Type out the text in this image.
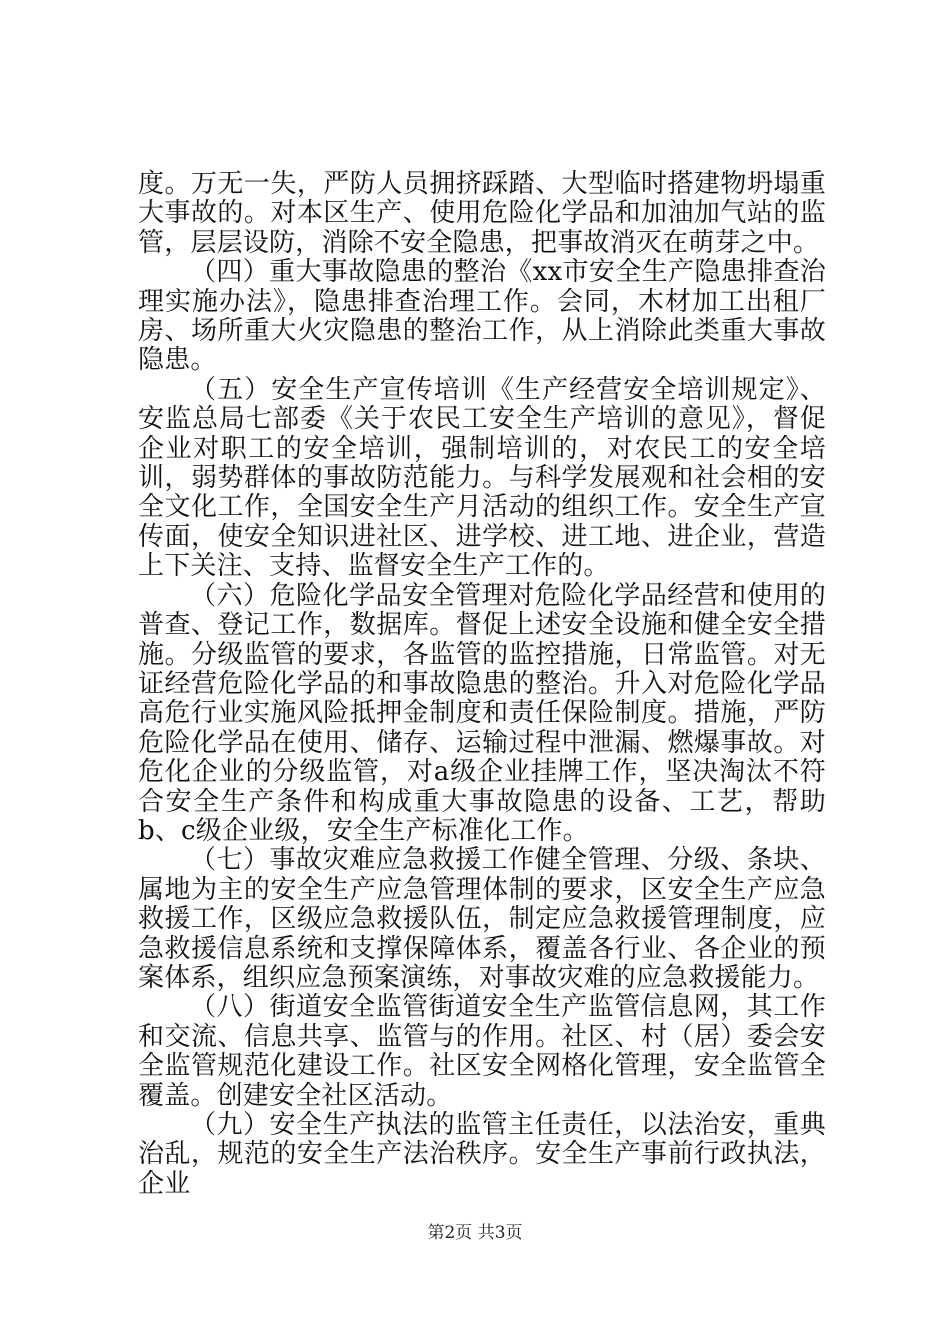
度。万无一失，严防人员拥挤踩踏、大型临时搭建物坍塌重大事故的。对本区生产、使用危险化学品和加油加气站的监管，层层设防，消除不安全隐患，把事故消灭在萌芽之中。

（四）重大事故隐患的整治《xx市安全生产隐患排查治理实施办法》，隐患排查治理工作。会同，木材加工出租厂房、场所重大火灾隐患的整治工作，从上消除此类重大事故隐患。

（五）安全生产宣传培训《生产经营安全培训规定》、安监总局七部委《关于农民工安全生产培训的意见》，督促企业对职工的安全培训，强制培训的，对农民工的安全培训，弱势群体的事故防范能力。与科学发展观和社会相的安全文化工作，全国安全生产月活动的组织工作。安全生产宣传面，使安全知识进社区、进学校、进工地、进企业，营造上下关注、支持、监督安全生产工作的。

（六）危险化学品安全管理对危险化学品经营和使用的普查、登记工作，数据库。督促上述安全设施和健全安全措施。分级监管的要求，各监管的监控措施，日常监管。对无证经营危险化学品的和事故隐患的整治。升入对危险化学品高危行业实施风险抵押金制度和责任保险制度。措施，严防危险化学品在使用、储存、运输过程中泄漏、燃爆事故。对危化企业的分级监管，对a级企业挂牌工作，坚决淘汰不符合安全生产条件和构成重大事故隐患的设备、工艺，帮助b、c级企业级，安全生产标准化工作。

（七）事故灾难应急救援工作健全管理、分级、条块、属地为主的安全生产应急管理体制的要求，区安全生产应急救援工作，区级应急救援队伍，制定应急救援管理制度，应急救援信息系统和支撑保障体系，覆盖各行业、各企业的预案体系，组织应急预案演练，对事故灾难的应急救援能力。

（八）街道安全监管街道安全生产监管信息网，其工作和交流、信息共享、监管与的作用。社区、村（居）委会安全监管规范化建设工作。社区安全网格化管理，安全监管全覆盖。创建安全社区活动。

（九）安全生产执法的监管主任责任，以法治安，重典治乱，规范的安全生产法治秩序。安全生产事前行政执法，企业

第2页 共3页
